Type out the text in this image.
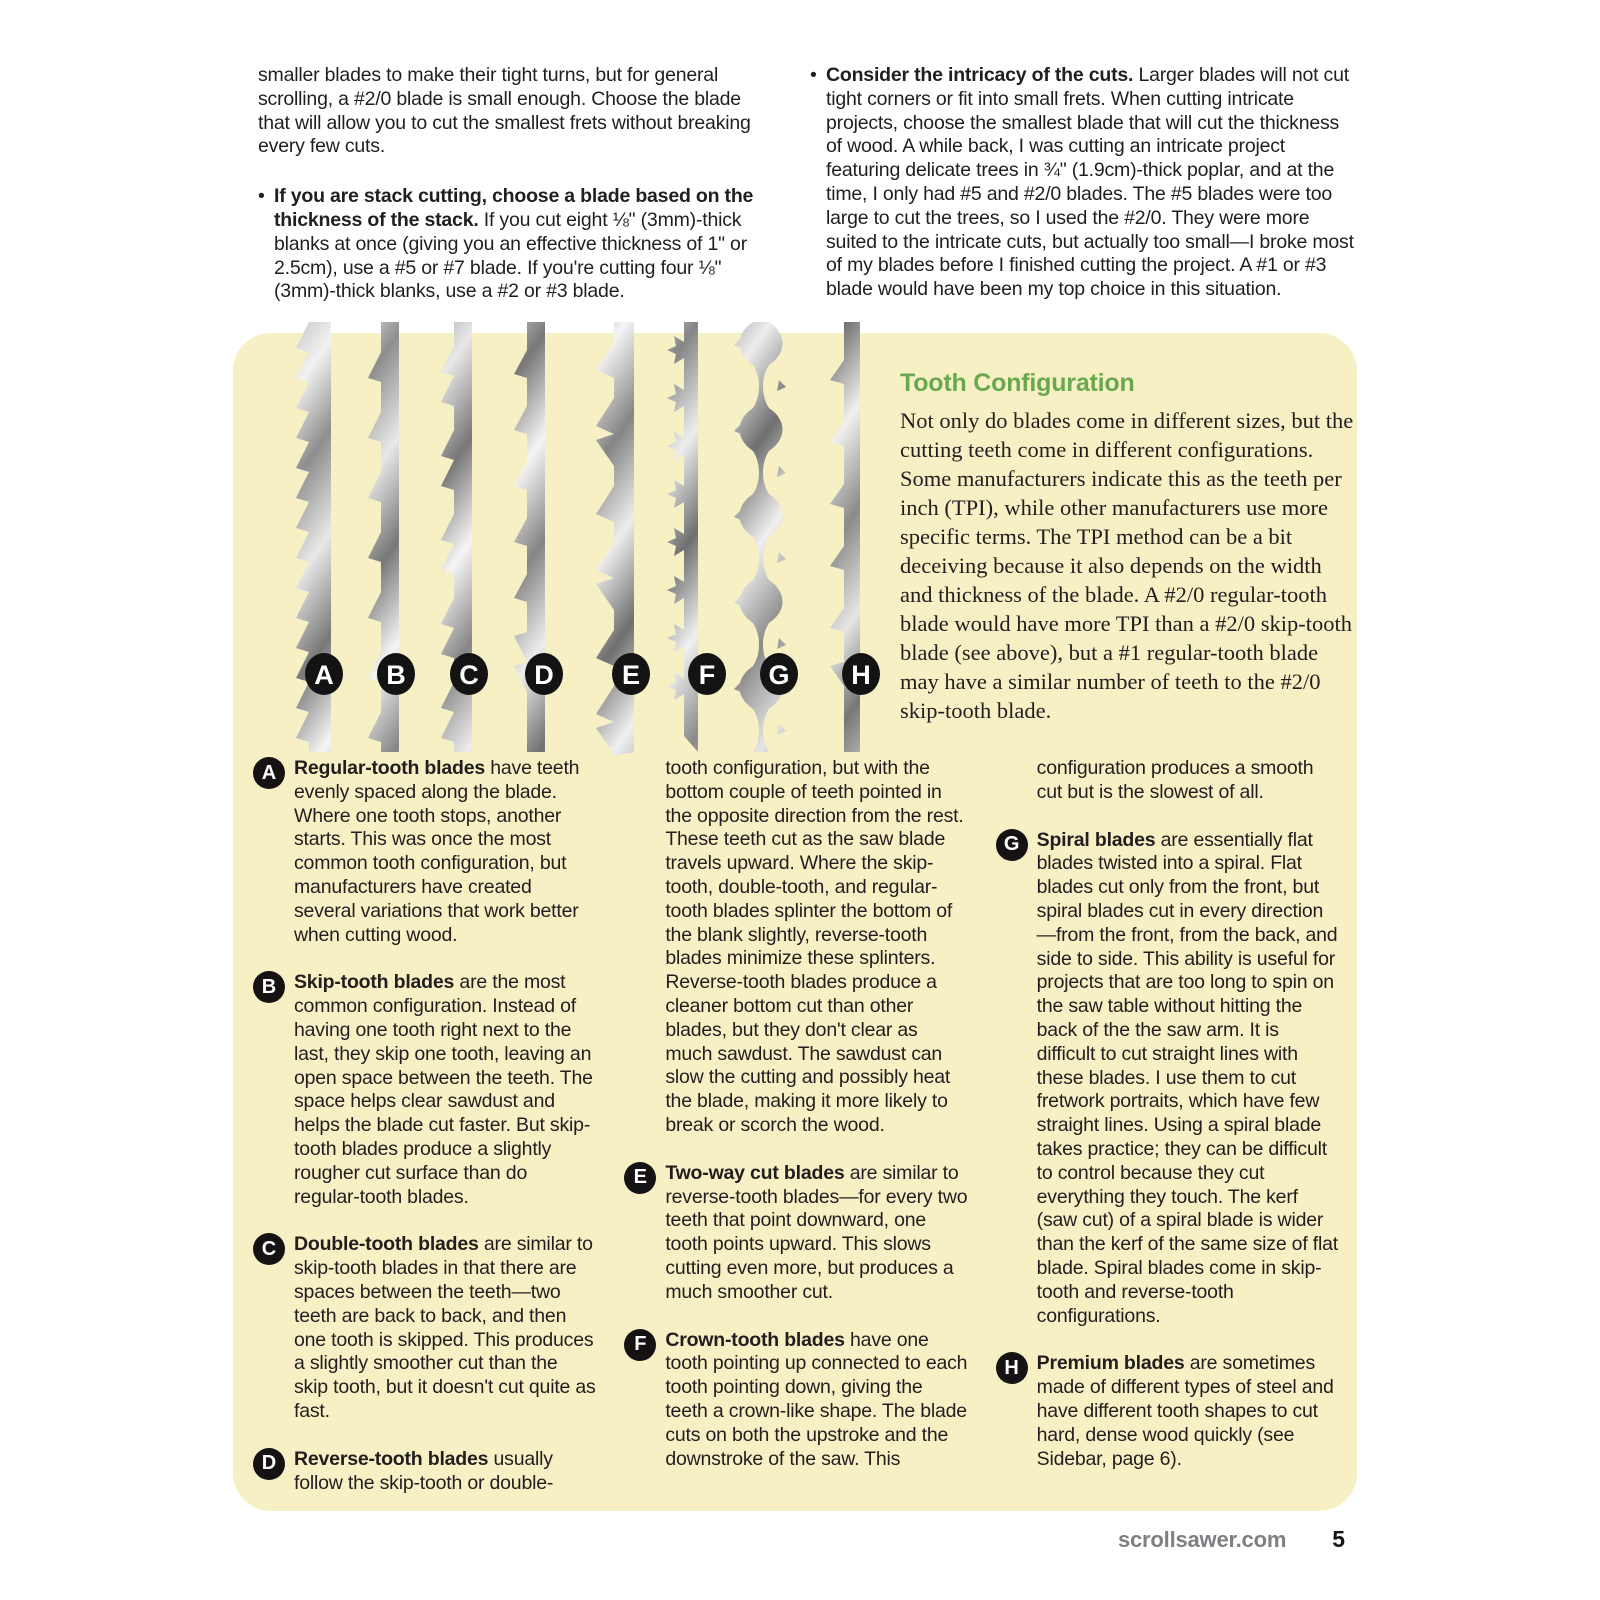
smaller blades to make their tight turns, but for general scrolling, a #2/0 blade is small enough. Choose the blade that will allow you to cut the smallest frets without breaking every few cuts.

• If you are stack cutting, choose a blade based on the thickness of the stack. If you cut eight ⅛" (3mm)-thick blanks at once (giving you an effective thickness of 1" or 2.5cm), use a #5 or #7 blade. If you're cutting four ⅛" (3mm)-thick blanks, use a #2 or #3 blade.

• Consider the intricacy of the cuts. Larger blades will not cut tight corners or fit into small frets. When cutting intricate projects, choose the smallest blade that will cut the thickness of wood. A while back, I was cutting an intricate project featuring delicate trees in ¾" (1.9cm)-thick poplar, and at the time, I only had #5 and #2/0 blades. The #5 blades were too large to cut the trees, so I used the #2/0. They were more suited to the intricate cuts, but actually too small—I broke most of my blades before I finished cutting the project. A #1 or #3 blade would have been my top choice in this situation.

A B C D	E F G H
Tooth Configuration

Not only do blades come in different sizes, but the cutting teeth come in different configurations. Some manufacturers indicate this as the teeth per inch (TPI), while other manufacturers use more specific terms. The TPI method can be a bit deceiving because it also depends on the width and thickness of the blade. A #2/0 regular-tooth blade would have more TPI than a #2/0 skip-tooth blade (see above), but a #1 regular-tooth blade may have a similar number of teeth to the #2/0 skip-tooth blade.

A Regular-tooth blades have teeth evenly spaced along the blade. Where one tooth stops, another starts. This was once the most common tooth configuration, but manufacturers have created several variations that work better when cutting wood.

B Skip-tooth blades are the most common configuration. Instead of having one tooth right next to the last, they skip one tooth, leaving an open space between the teeth. The space helps clear sawdust and helps the blade cut faster. But skip-tooth blades produce a slightly rougher cut surface than do regular-tooth blades.

C Double-tooth blades are similar to skip-tooth blades in that there are spaces between the teeth—two teeth are back to back, and then one tooth is skipped. This produces a slightly smoother cut than the skip tooth, but it doesn't cut quite as fast.

D Reverse-tooth blades usually follow the skip-tooth or double-

tooth configuration, but with the bottom couple of teeth pointed in the opposite direction from the rest. These teeth cut as the saw blade travels upward. Where the skip-tooth, double-tooth, and regular-tooth blades splinter the bottom of the blank slightly, reverse-tooth blades minimize these splinters. Reverse-tooth blades produce a cleaner bottom cut than other blades, but they don't clear as much sawdust. The sawdust can slow the cutting and possibly heat the blade, making it more likely to break or scorch the wood.

E Two-way cut blades are similar to reverse-tooth blades—for every two teeth that point downward, one tooth points upward. This slows cutting even more, but produces a much smoother cut.

F Crown-tooth blades have one tooth pointing up connected to each tooth pointing down, giving the teeth a crown-like shape. The blade cuts on both the upstroke and the downstroke of the saw. This

configuration produces a smooth cut but is the slowest of all.

G Spiral blades are essentially flat blades twisted into a spiral. Flat blades cut only from the front, but spiral blades cut in every direction—from the front, from the back, and side to side. This ability is useful for projects that are too long to spin on the saw table without hitting the back of the the saw arm. It is difficult to cut straight lines with these blades. I use them to cut fretwork portraits, which have few straight lines. Using a spiral blade takes practice; they can be difficult to control because they cut everything they touch. The kerf (saw cut) of a spiral blade is wider than the kerf of the same size of flat blade. Spiral blades come in skip-tooth and reverse-tooth configurations.

H Premium blades are sometimes made of different types of steel and have different tooth shapes to cut hard, dense wood quickly (see Sidebar, page 6).

scrollsawer.com 5
